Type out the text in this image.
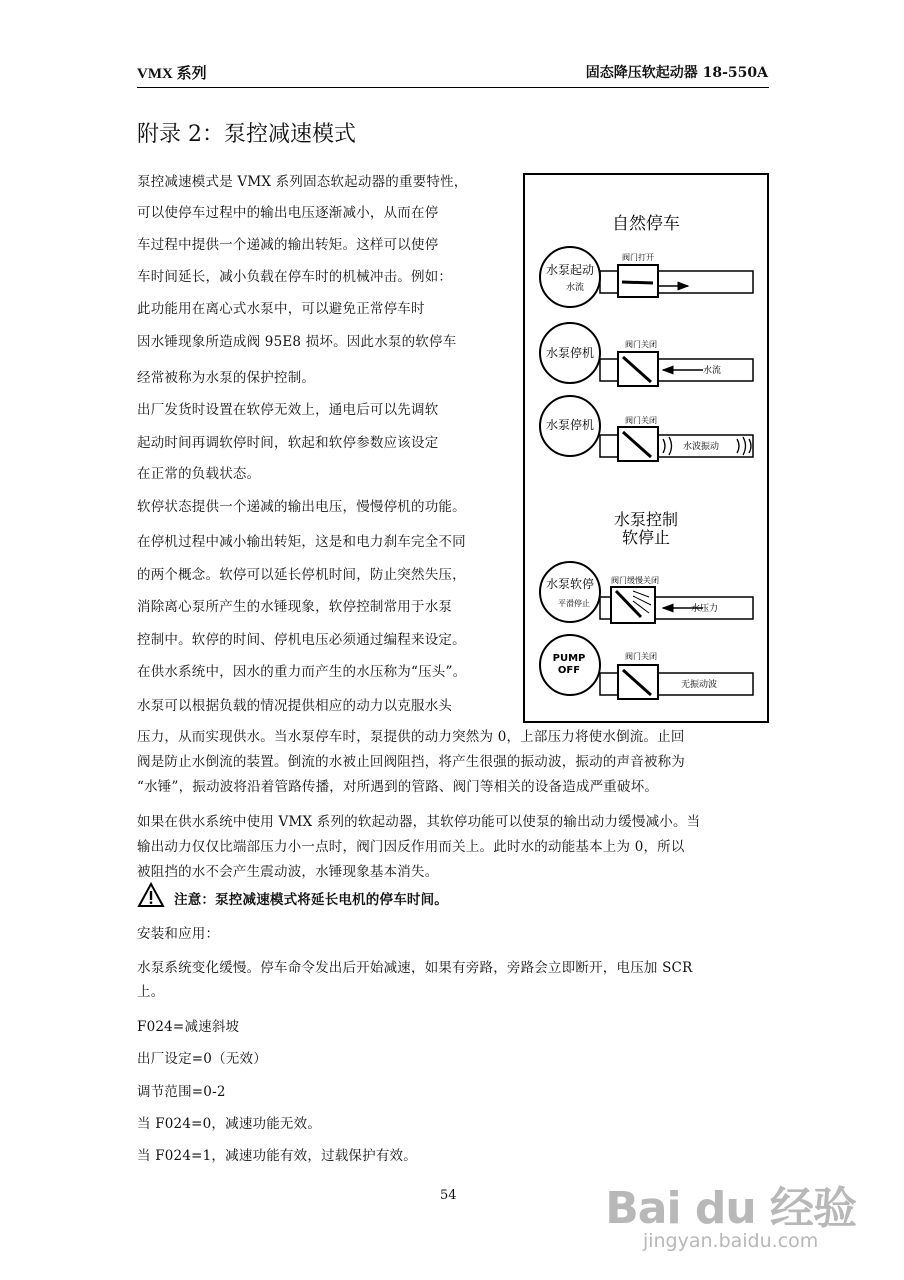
VMX 系列	固态降压软起动器 18-550A
附录 2：泵控减速模式
泵控减速模式是 VMX 系列固态软起动器的重要特性，
可以使停车过程中的输出电压逐渐减小，从而在停
车过程中提供一个递减的输出转矩。这样可以使停
车时间延长，减小负载在停车时的机械冲击。例如：
此功能用在离心式水泵中，可以避免正常停车时
因水锤现象所造成阀 95E8 损坏。因此水泵的软停车
经常被称为水泵的保护控制。
出厂发货时设置在软停无效上，通电后可以先调软
起动时间再调软停时间，软起和软停参数应该设定
在正常的负载状态。
软停状态提供一个递减的输出电压，慢慢停机的功能。
在停机过程中减小输出转矩，这是和电力刹车完全不同
的两个概念。软停可以延长停机时间，防止突然失压，
消除离心泵所产生的水锤现象，软停控制常用于水泵
控制中。软停的时间、停机电压必须通过编程来设定。
在供水系统中，因水的重力而产生的水压称为“压头”。
水泵可以根据负载的情况提供相应的动力以克服水头
压力，从而实现供水。当水泵停车时，泵提供的动力突然为 0，上部压力将使水倒流。止回
阀是防止水倒流的装置。倒流的水被止回阀阻挡，将产生很强的振动波，振动的声音被称为
“水锤”，振动波将沿着管路传播，对所遇到的管路、阀门等相关的设备造成严重破坏。
如果在供水系统中使用 VMX 系列的软起动器，其软停功能可以使泵的输出动力缓慢减小。当
输出动力仅仅比端部压力小一点时，阀门因反作用而关上。此时水的动能基本上为 0，所以
被阻挡的水不会产生震动波，水锤现象基本消失。
注意：泵控减速模式将延长电机的停车时间。
安装和应用：
水泵系统变化缓慢。停车命令发出后开始减速，如果有旁路，旁路会立即断开，电压加 SCR
上。
F024=减速斜坡
出厂设定=0（无效）
调节范围=0-2
当 F024=0，减速功能无效。
当 F024=1，减速功能有效，过载保护有效。
54
自然停车
水泵起动
水流
阀门打开
水泵停机
阀门关闭
水流
水泵停机	阀门关闭
水波振动
水泵控制
软停止
水泵软停
平滑停止
阀门缓慢关闭
水压力
PUMP
OFF
阀门关闭
无振动波
Bai du 经验
jingyan.baidu.com
